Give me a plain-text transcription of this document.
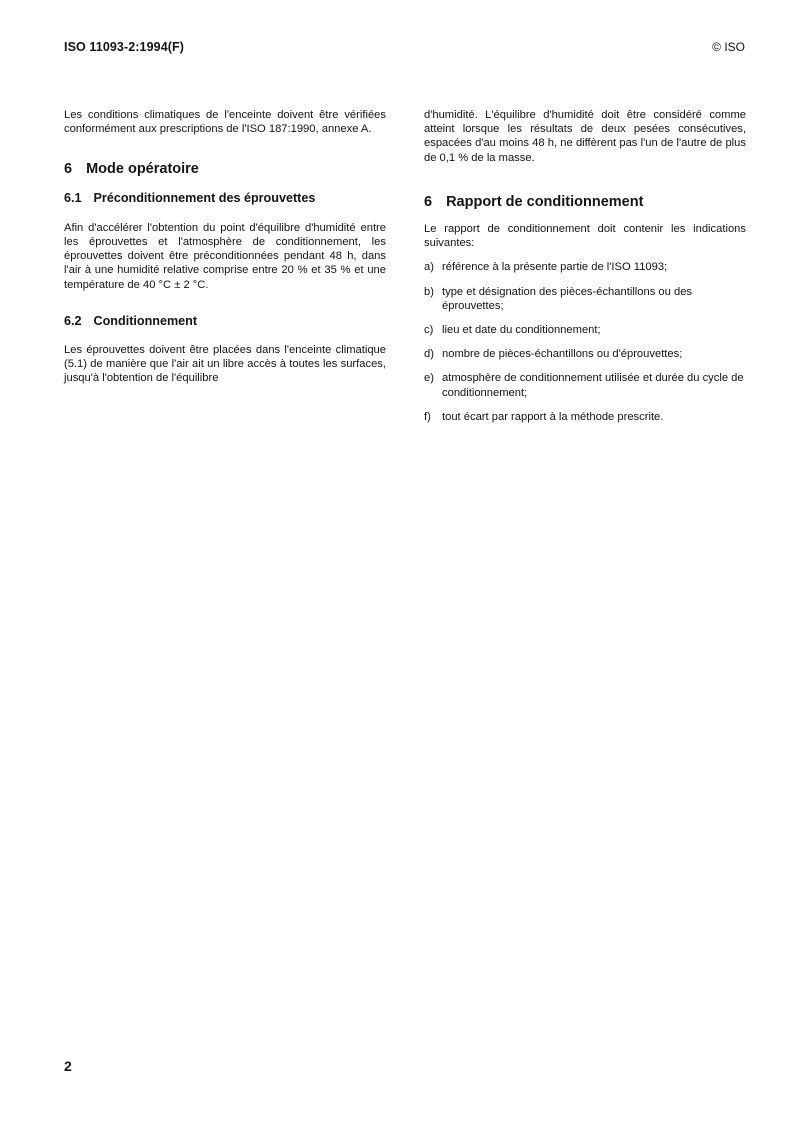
ISO 11093-2:1994(F)	© ISO

Les conditions climatiques de l'enceinte doivent être vérifiées conformément aux prescriptions de l'ISO 187:1990, annexe A.

6 Mode opératoire
6.1 Préconditionnement des éprouvettes

Afin d'accélérer l'obtention du point d'équilibre d'humidité entre les éprouvettes et l'atmosphère de conditionnement, les éprouvettes doivent être préconditionnées pendant 48 h, dans l'air à une humidité relative comprise entre 20 % et 35 % et une température de 40 °C ± 2 °C.

6.2 Conditionnement

Les éprouvettes doivent être placées dans l'enceinte climatique (5.1) de manière que l'air ait un libre accès à toutes les surfaces, jusqu'à l'obtention de l'équilibre

d'humidité. L'équilibre d'humidité doit être considéré comme atteint lorsque les résultats de deux pesées consécutives, espacées d'au moins 48 h, ne diffèrent pas l'un de l'autre de plus de 0,1 % de la masse.

6 Rapport de conditionnement

Le rapport de conditionnement doit contenir les indications suivantes:

a) référence à la présente partie de l'ISO 11093;
b) type et désignation des pièces-échantillons ou des éprouvettes;
c) lieu et date du conditionnement;
d) nombre de pièces-échantillons ou d'éprouvettes;
e) atmosphère de conditionnement utilisée et durée du cycle de conditionnement;
f) tout écart par rapport à la méthode prescrite.
2
